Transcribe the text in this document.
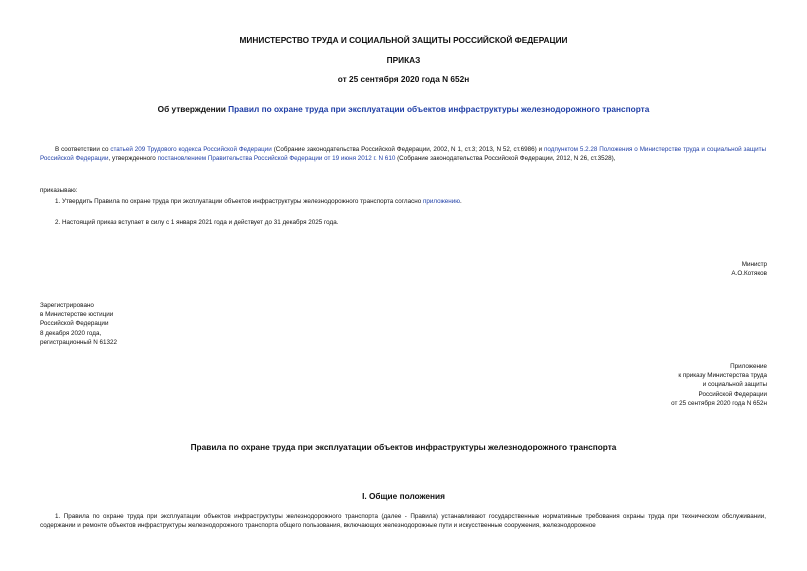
МИНИСТЕРСТВО ТРУДА И СОЦИАЛЬНОЙ ЗАЩИТЫ РОССИЙСКОЙ ФЕДЕРАЦИИ
ПРИКАЗ
от 25 сентября 2020 года N 652н
Об утверждении Правил по охране труда при эксплуатации объектов инфраструктуры железнодорожного транспорта
В соответствии со статьей 209 Трудового кодекса Российской Федерации (Собрание законодательства Российской Федерации, 2002, N 1, ст.3; 2013, N 52, ст.6986) и подпунктом 5.2.28 Положения о Министерстве труда и социальной защиты Российской Федерации, утвержденного постановлением Правительства Российской Федерации от 19 июня 2012 г. N 610 (Собрание законодательства Российской Федерации, 2012, N 26, ст.3528),
приказываю:
1. Утвердить Правила по охране труда при эксплуатации объектов инфраструктуры железнодорожного транспорта согласно приложению.
2. Настоящий приказ вступает в силу с 1 января 2021 года и действует до 31 декабря 2025 года.
Министр
А.О.Котяков
Зарегистрировано
в Министерстве юстиции
Российской Федерации
8 декабря 2020 года,
регистрационный N 61322
Приложение
к приказу Министерства труда
и социальной защиты
Российской Федерации
от 25 сентября 2020 года N 652н
Правила по охране труда при эксплуатации объектов инфраструктуры железнодорожного транспорта
I. Общие положения
1. Правила по охране труда при эксплуатации объектов инфраструктуры железнодорожного транспорта (далее - Правила) устанавливают государственные нормативные требования охраны труда при техническом обслуживании, содержании и ремонте объектов инфраструктуры железнодорожного транспорта общего пользования, включающих железнодорожные пути и искусственные сооружения, железнодорожное
